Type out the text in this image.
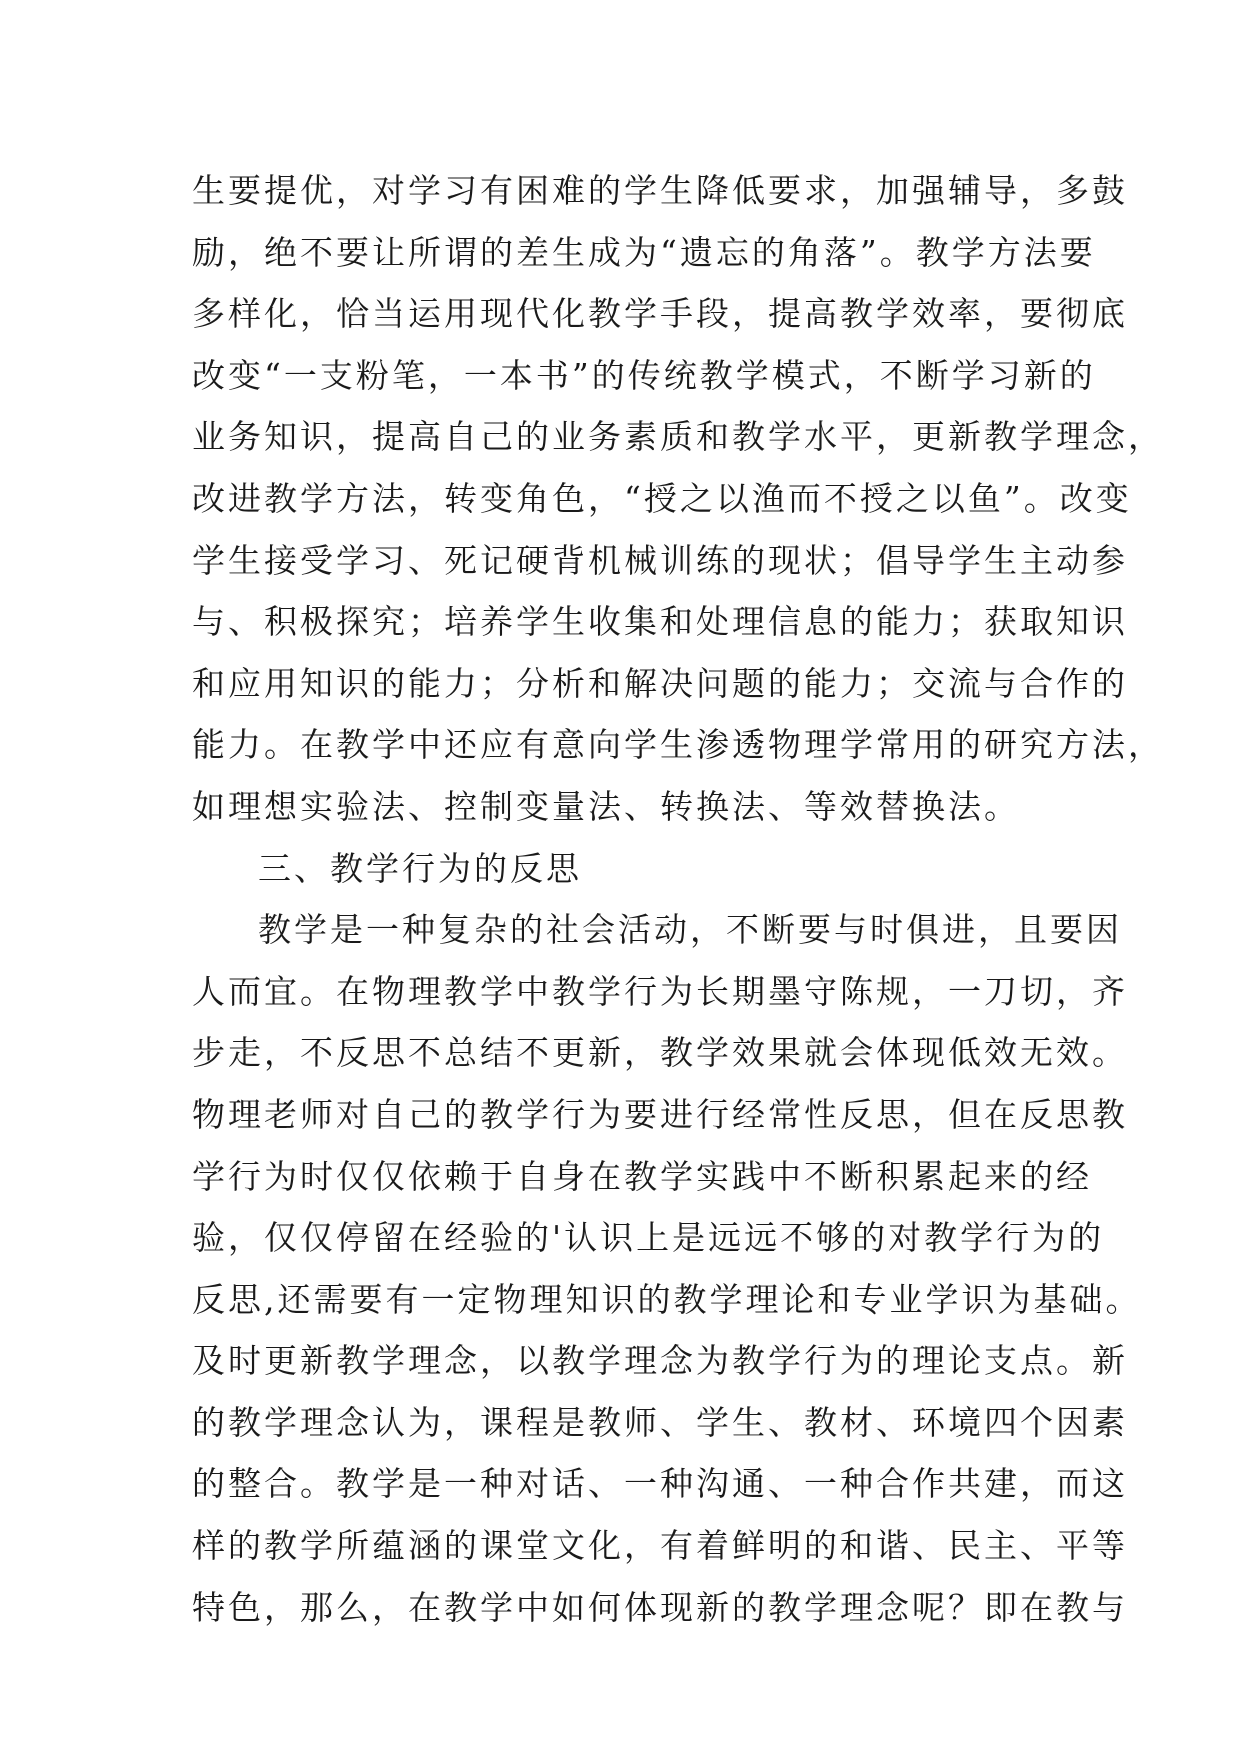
生要提优，对学习有困难的学生降低要求，加强辅导，多鼓
励，绝不要让所谓的差生成为“遗忘的角落”。教学方法要
多样化，恰当运用现代化教学手段，提高教学效率，要彻底
改变“一支粉笔，一本书”的传统教学模式，不断学习新的
业务知识，提高自己的业务素质和教学水平，更新教学理念，
改进教学方法，转变角色，“授之以渔而不授之以鱼”。改变
学生接受学习、死记硬背机械训练的现状；倡导学生主动参
与、积极探究；培养学生收集和处理信息的能力；获取知识
和应用知识的能力；分析和解决问题的能力；交流与合作的
能力。在教学中还应有意向学生渗透物理学常用的研究方法，
如理想实验法、控制变量法、转换法、等效替换法。
三、教学行为的反思
教学是一种复杂的社会活动，不断要与时俱进，且要因
人而宜。在物理教学中教学行为长期墨守陈规，一刀切，齐
步走，不反思不总结不更新，教学效果就会体现低效无效。
物理老师对自己的教学行为要进行经常性反思，但在反思教
学行为时仅仅依赖于自身在教学实践中不断积累起来的经
验，仅仅停留在经验的'认识上是远远不够的对教学行为的
反思,还需要有一定物理知识的教学理论和专业学识为基础。
及时更新教学理念，以教学理念为教学行为的理论支点。新
的教学理念认为，课程是教师、学生、教材、环境四个因素
的整合。教学是一种对话、一种沟通、一种合作共建，而这
样的教学所蕴涵的课堂文化，有着鲜明的和谐、民主、平等
特色，那么，在教学中如何体现新的教学理念呢？即在教与
